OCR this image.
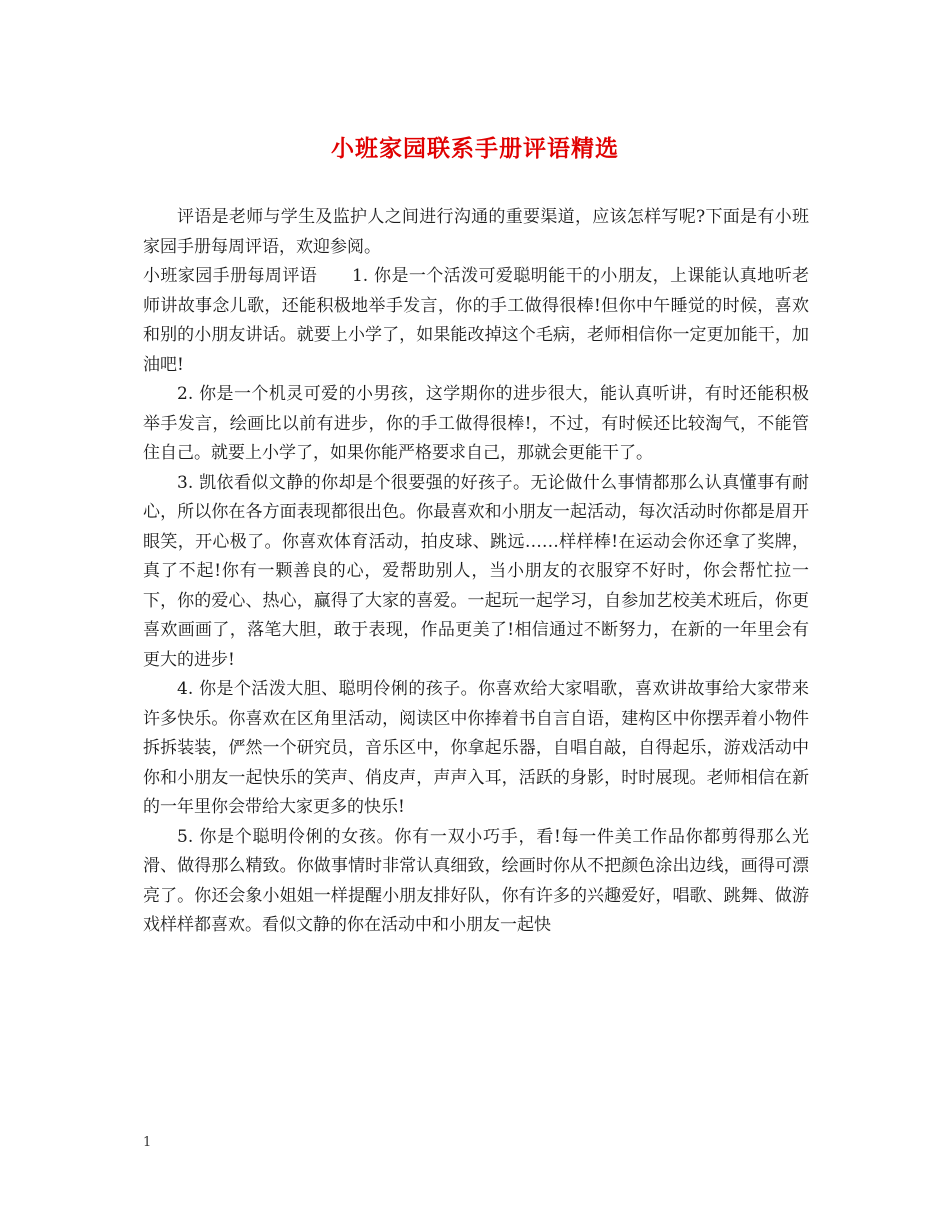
小班家园联系手册评语精选

评语是老师与学生及监护人之间进行沟通的重要渠道，应该怎样写呢?下面是有小班家园手册每周评语，欢迎参阅。

小班家园手册每周评语　　1. 你是一个活泼可爱聪明能干的小朋友，上课能认真地听老师讲故事念儿歌，还能积极地举手发言，你的手工做得很棒!但你中午睡觉的时候，喜欢和别的小朋友讲话。就要上小学了，如果能改掉这个毛病，老师相信你一定更加能干，加油吧!

2. 你是一个机灵可爱的小男孩，这学期你的进步很大，能认真听讲，有时还能积极举手发言，绘画比以前有进步，你的手工做得很棒!，不过，有时候还比较淘气，不能管住自己。就要上小学了，如果你能严格要求自己，那就会更能干了。

3. 凯依看似文静的你却是个很要强的好孩子。无论做什么事情都那么认真懂事有耐心，所以你在各方面表现都很出色。你最喜欢和小朋友一起活动，每次活动时你都是眉开眼笑，开心极了。你喜欢体育活动，拍皮球、跳远……样样棒!在运动会你还拿了奖牌，真了不起!你有一颗善良的心，爱帮助别人，当小朋友的衣服穿不好时，你会帮忙拉一下，你的爱心、热心，赢得了大家的喜爱。一起玩一起学习，自参加艺校美术班后，你更喜欢画画了，落笔大胆，敢于表现，作品更美了!相信通过不断努力，在新的一年里会有更大的进步!

4. 你是个活泼大胆、聪明伶俐的孩子。你喜欢给大家唱歌，喜欢讲故事给大家带来许多快乐。你喜欢在区角里活动，阅读区中你捧着书自言自语，建构区中你摆弄着小物件拆拆装装，俨然一个研究员，音乐区中，你拿起乐器，自唱自敲，自得起乐，游戏活动中你和小朋友一起快乐的笑声、俏皮声，声声入耳，活跃的身影，时时展现。老师相信在新的一年里你会带给大家更多的快乐!

5. 你是个聪明伶俐的女孩。你有一双小巧手，看!每一件美工作品你都剪得那么光滑、做得那么精致。你做事情时非常认真细致，绘画时你从不把颜色涂出边线，画得可漂亮了。你还会象小姐姐一样提醒小朋友排好队，你有许多的兴趣爱好，唱歌、跳舞、做游戏样样都喜欢。看似文静的你在活动中和小朋友一起快

1
